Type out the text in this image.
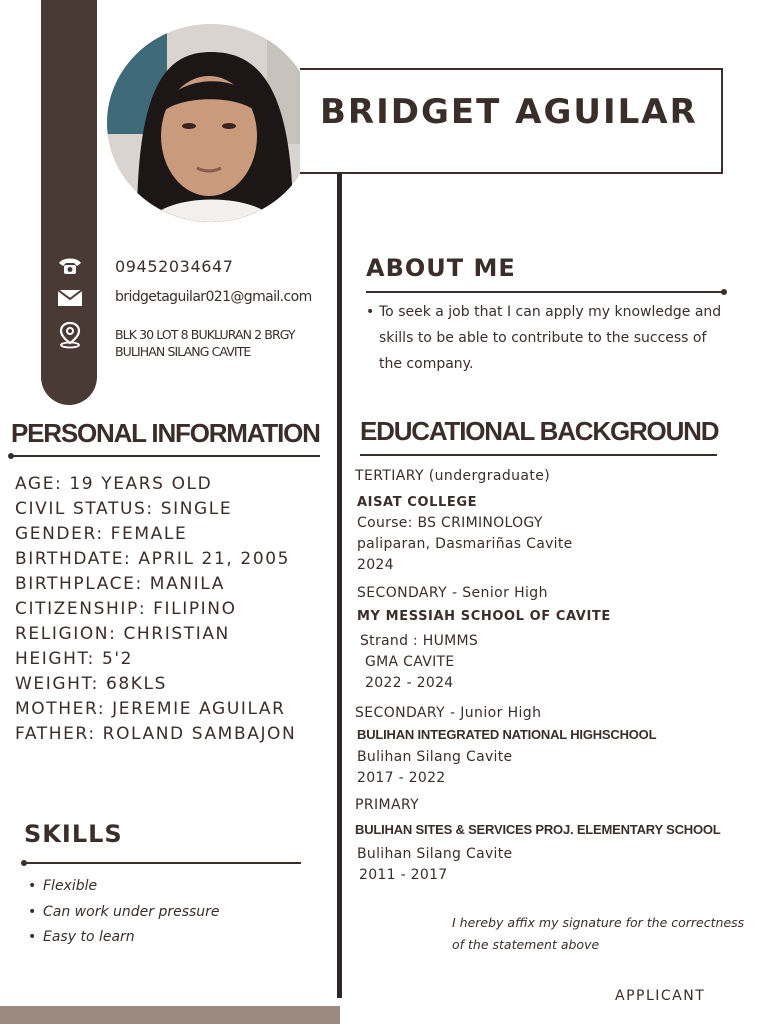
BRIDGET AGUILAR
09452034647
bridgetaguilar021@gmail.com
BLK 30 LOT 8 BUKLURAN 2 BRGY
BULIHAN SILANG CAVITE
ABOUT ME
• To seek a job that I can apply my knowledge and skills to be able to contribute to the success of the company.
PERSONAL INFORMATION
AGE: 19 YEARS OLD
CIVIL STATUS: SINGLE
GENDER: FEMALE
BIRTHDATE: APRIL 21, 2005
BIRTHPLACE: MANILA
CITIZENSHIP: FILIPINO
RELIGION: CHRISTIAN
HEIGHT: 5'2
WEIGHT: 68KLS
MOTHER: JEREMIE AGUILAR
FATHER: ROLAND SAMBAJON
EDUCATIONAL BACKGROUND
TERTIARY (undergraduate)
AISAT COLLEGE
Course: BS CRIMINOLOGY
paliparan, Dasmariñas Cavite
2024
SECONDARY - Senior High
MY MESSIAH SCHOOL OF CAVITE
Strand : HUMMS
GMA CAVITE
2022 - 2024
SECONDARY - Junior High
BULIHAN INTEGRATED NATIONAL HIGHSCHOOL
Bulihan Silang Cavite
2017 - 2022
PRIMARY
BULIHAN SITES & SERVICES PROJ. ELEMENTARY SCHOOL
Bulihan Silang Cavite
2011 - 2017
SKILLS
• Flexible
• Can work under pressure
• Easy to learn
I hereby affix my signature for the correctness
of the statement above
APPLICANT
